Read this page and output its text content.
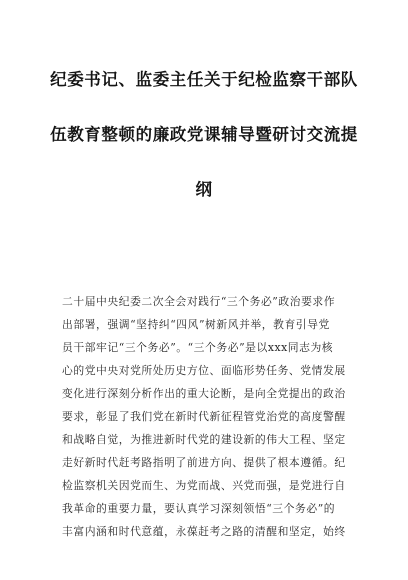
纪委书记、监委主任关于纪检监察干部队
伍教育整顿的廉政党课辅导暨研讨交流提
纲
二十届中央纪委二次全会对践行“三个务必”政治要求作
出部署，强调“坚持纠“四风”树新风并举，教育引导党
员干部牢记“三个务必”。“三个务必”是以xxx同志为核
心的党中央对党所处历史方位、面临形势任务、党情发展
变化进行深刻分析作出的重大论断，是向全党提出的政治
要求，彰显了我们党在新时代新征程管党治党的高度警醒
和战略自觉，为推进新时代党的建设新的伟大工程、坚定
走好新时代赶考路指明了前进方向、提供了根本遵循。纪
检监察机关因党而生、为党而战、兴党而强，是党进行自
我革命的重要力量，要认真学习深刻领悟“三个务必”的
丰富内涵和时代意蕴，永葆赶考之路的清醒和坚定，始终
